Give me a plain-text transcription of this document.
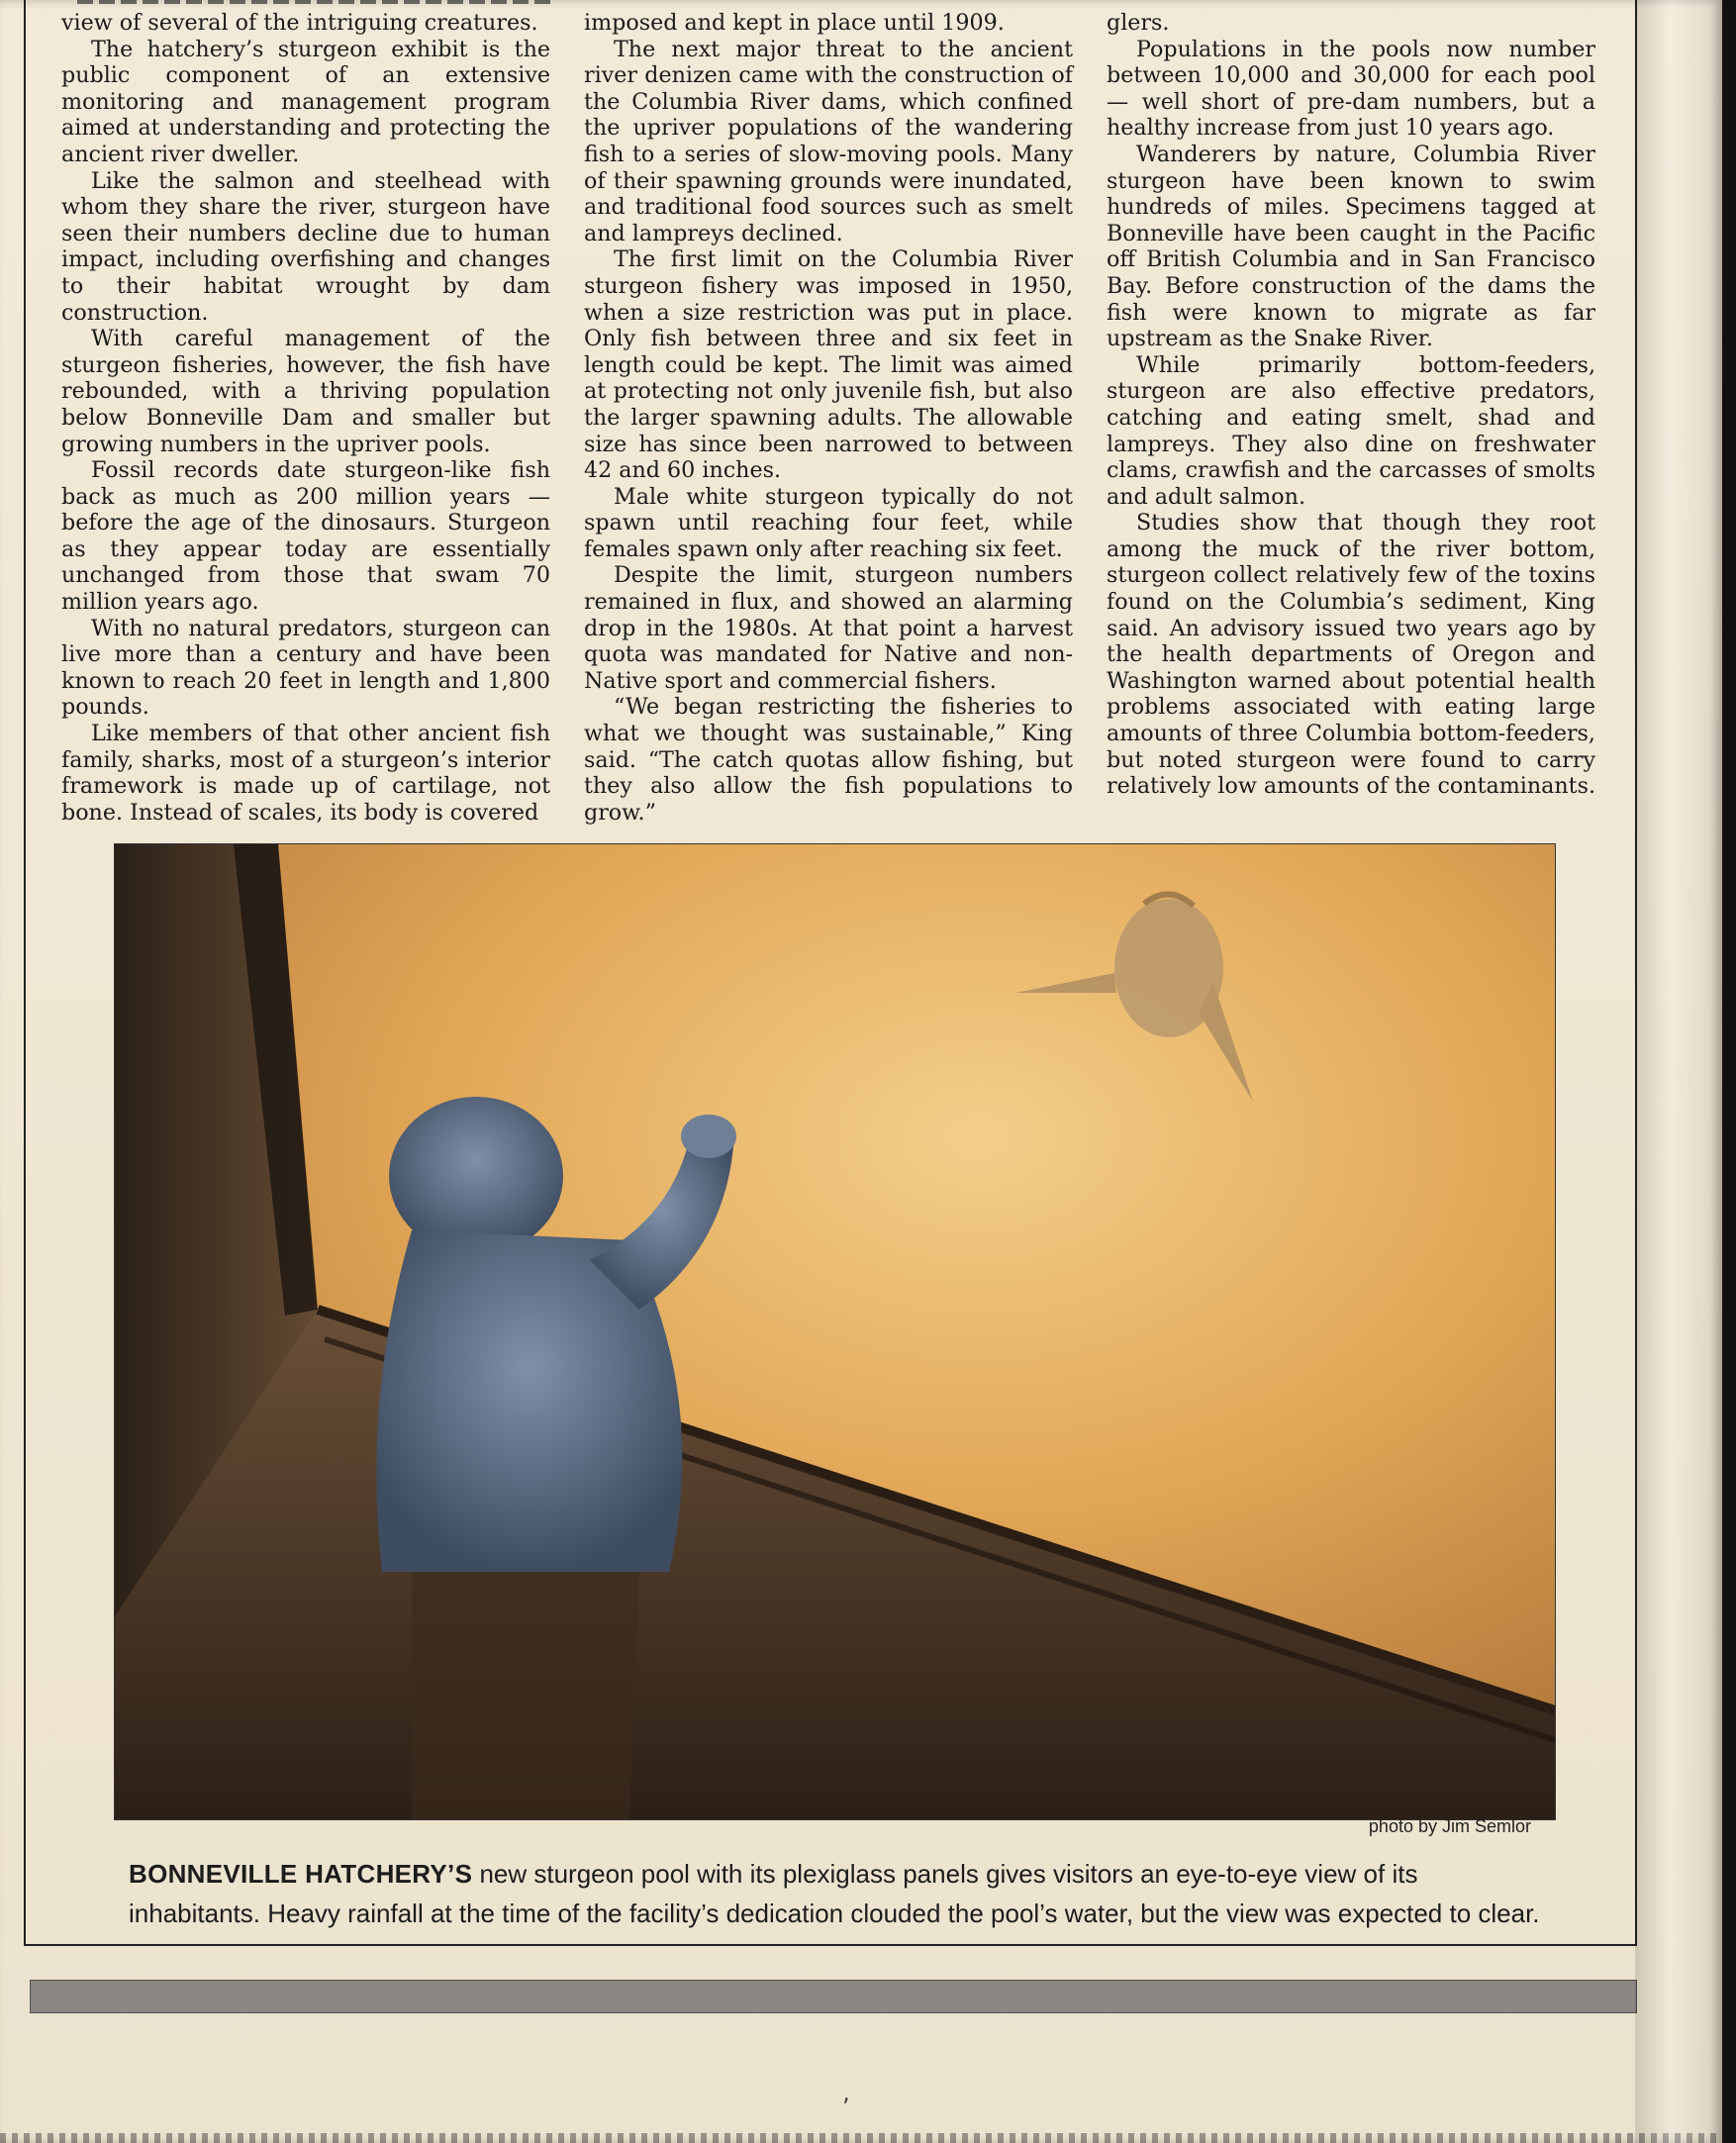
view of several of the intriguing creatures.

The hatchery’s sturgeon exhibit is the public component of an extensive monitoring and management program aimed at understanding and protecting the ancient river dweller.

Like the salmon and steelhead with whom they share the river, sturgeon have seen their numbers decline due to human impact, including overfishing and changes to their habitat wrought by dam construction.

With careful management of the sturgeon fisheries, however, the fish have rebounded, with a thriving population below Bonneville Dam and smaller but growing numbers in the upriver pools.

Fossil records date sturgeon-like fish back as much as 200 million years — before the age of the dinosaurs. Sturgeon as they appear today are essentially unchanged from those that swam 70 million years ago.

With no natural predators, sturgeon can live more than a century and have been known to reach 20 feet in length and 1,800 pounds.

Like members of that other ancient fish family, sharks, most of a sturgeon’s interior framework is made up of cartilage, not bone. Instead of scales, its body is covered

imposed and kept in place until 1909.

The next major threat to the ancient river denizen came with the construction of the Columbia River dams, which confined the upriver populations of the wandering fish to a series of slow-moving pools. Many of their spawning grounds were inundated, and traditional food sources such as smelt and lampreys declined.

The first limit on the Columbia River sturgeon fishery was imposed in 1950, when a size restriction was put in place. Only fish between three and six feet in length could be kept. The limit was aimed at protecting not only juvenile fish, but also the larger spawning adults. The allowable size has since been narrowed to between 42 and 60 inches.

Male white sturgeon typically do not spawn until reaching four feet, while females spawn only after reaching six feet.

Despite the limit, sturgeon numbers remained in flux, and showed an alarming drop in the 1980s. At that point a harvest quota was mandated for Native and non-Native sport and commercial fishers.

“We began restricting the fisheries to what we thought was sustainable,” King said. “The catch quotas allow fishing, but they also allow the fish populations to grow.”

glers.

Populations in the pools now number between 10,000 and 30,000 for each pool — well short of pre-dam numbers, but a healthy increase from just 10 years ago.

Wanderers by nature, Columbia River sturgeon have been known to swim hundreds of miles. Specimens tagged at Bonneville have been caught in the Pacific off British Columbia and in San Francisco Bay. Before construction of the dams the fish were known to migrate as far upstream as the Snake River.

While primarily bottom-feeders, sturgeon are also effective predators, catching and eating smelt, shad and lampreys. They also dine on freshwater clams, crawfish and the carcasses of smolts and adult salmon.

Studies show that though they root among the muck of the river bottom, sturgeon collect relatively few of the toxins found on the Columbia’s sediment, King said. An advisory issued two years ago by the health departments of Oregon and Washington warned about potential health problems associated with eating large amounts of three Columbia bottom-feeders, but noted sturgeon were found to carry relatively low amounts of the contaminants.

photo by Jim Semlor
BONNEVILLE HATCHERY’S new sturgeon pool with its plexiglass panels gives visitors an eye-to-eye view of its inhabitants. Heavy rainfall at the time of the facility’s dedication clouded the pool’s water, but the view was expected to clear.
‚
